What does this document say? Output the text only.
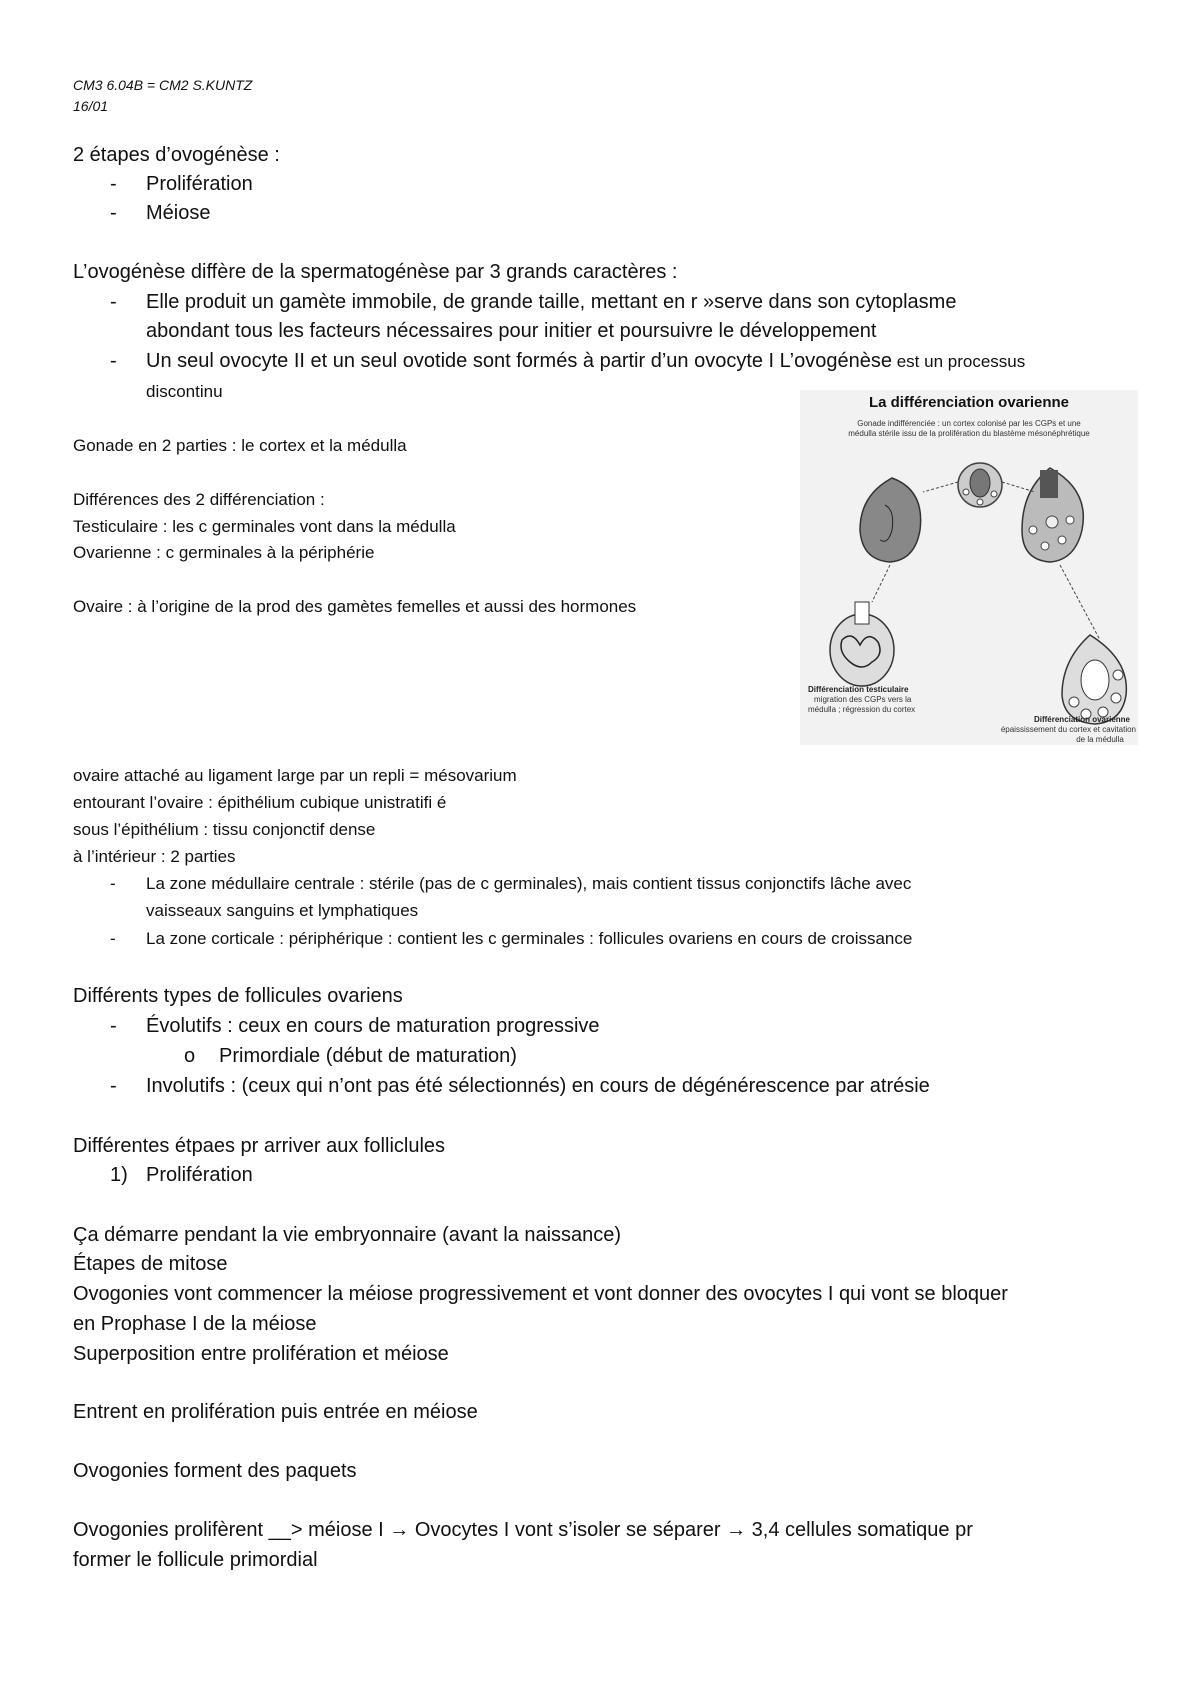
CM3 6.04B = CM2 S.KUNTZ
16/01
2 étapes d’ovogénèse :
- Prolifération
- Méiose
L’ovogénèse diffère de la spermatogénèse par 3 grands caractères :
- Elle produit un gamète immobile, de grande taille, mettant en r »serve dans son cytoplasme
abondant tous les facteurs nécessaires pour initier et poursuivre le développement
- Un seul ovocyte II et un seul ovotide sont formés à partir d’un ovocyte I L’ovogénèse est un processus
discontinu
Gonade en 2 parties : le cortex et la médulla
Différences des 2 différenciation :
Testiculaire : les c germinales vont dans la médulla
Ovarienne : c germinales à la périphérie
Ovaire : à l’origine de la prod des gamètes femelles et aussi des hormones
La différenciation ovarienne
Gonade indifférenciée : un cortex colonisé par les CGPs et une
médulla stérile issu de la prolifération du blastème mésonéphrétique
Différenciation testiculaire
migration des CGPs vers la
médulla ; régression du cortex
Différenciation ovarienne
épaississement du cortex et cavitation
de la médulla
ovaire attaché au ligament large par un repli = mésovarium
entourant l’ovaire : épithélium cubique unistratifi é
sous l’épithélium : tissu conjonctif dense
à l’intérieur : 2 parties
- La zone médullaire centrale : stérile (pas de c germinales), mais contient tissus conjonctifs lâche avec
vaisseaux sanguins et lymphatiques
- La zone corticale : périphérique : contient les c germinales : follicules ovariens en cours de croissance
Différents types de follicules ovariens
- Évolutifs : ceux en cours de maturation progressive
o Primordiale (début de maturation)
- Involutifs : (ceux qui n’ont pas été sélectionnés) en cours de dégénérescence par atrésie
Différentes étpaes pr arriver aux folliclules
1) Prolifération
Ça démarre pendant la vie embryonnaire (avant la naissance)
Étapes de mitose
Ovogonies vont commencer la méiose progressivement et vont donner des ovocytes I qui vont se bloquer
en Prophase I de la méiose
Superposition entre prolifération et méiose
Entrent en prolifération puis entrée en méiose
Ovogonies forment des paquets
Ovogonies prolifèrent __> méiose I → Ovocytes I vont s’isoler se séparer → 3,4 cellules somatique pr
former le follicule primordial
